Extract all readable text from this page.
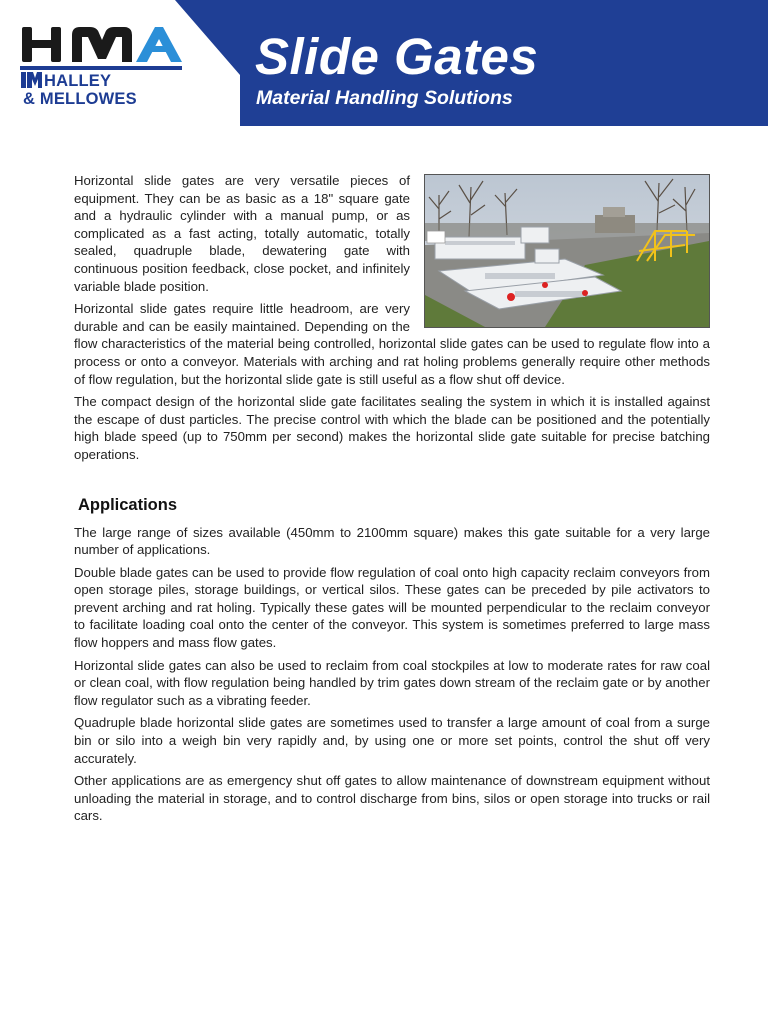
HALLEY
& MELLOWES
Slide Gates
Material Handling Solutions

Horizontal slide gates are very versatile pieces of equipment. They can be as basic as a 18" square gate and a hydraulic cylinder with a manual pump, or as complicated as a fast acting, totally automatic, totally sealed, quadruple blade, dewatering gate with continuous position feedback, close pocket, and infinitely variable blade position.

Horizontal slide gates require little headroom, are very durable and can be easily maintained. Depending on the flow characteristics of the material being controlled, horizontal slide gates can be used to regulate flow into a process or onto a conveyor. Materials with arching and rat holing problems generally require other methods of flow regulation, but the horizontal slide gate is still useful as a flow shut off device.

The compact design of the horizontal slide gate facilitates sealing the system in which it is installed against the escape of dust particles. The precise control with which the blade can be positioned and the potentially high blade speed (up to 750mm per second) makes the horizontal slide gate suitable for precise batching operations.

Applications

The large range of sizes available (450mm to 2100mm square) makes this gate suitable for a very large number of applications.

Double blade gates can be used to provide flow regulation of coal onto high capacity reclaim conveyors from open storage piles, storage buildings, or vertical silos. These gates can be preceded by pile activators to prevent arching and rat holing. Typically these gates will be mounted perpendicular to the reclaim conveyor to facilitate loading coal onto the center of the conveyor. This system is sometimes preferred to large mass flow hoppers and mass flow gates.

Horizontal slide gates can also be used to reclaim from coal stockpiles at low to moderate rates for raw coal or clean coal, with flow regulation being handled by trim gates down stream of the reclaim gate or by another flow regulator such as a vibrating feeder.

Quadruple blade horizontal slide gates are sometimes used to transfer a large amount of coal from a surge bin or silo into a weigh bin very rapidly and, by using one or more set points, control the shut off very accurately.

Other applications are as emergency shut off gates to allow maintenance of downstream equipment without unloading the material in storage, and to control discharge from bins, silos or open storage into trucks or rail cars.
